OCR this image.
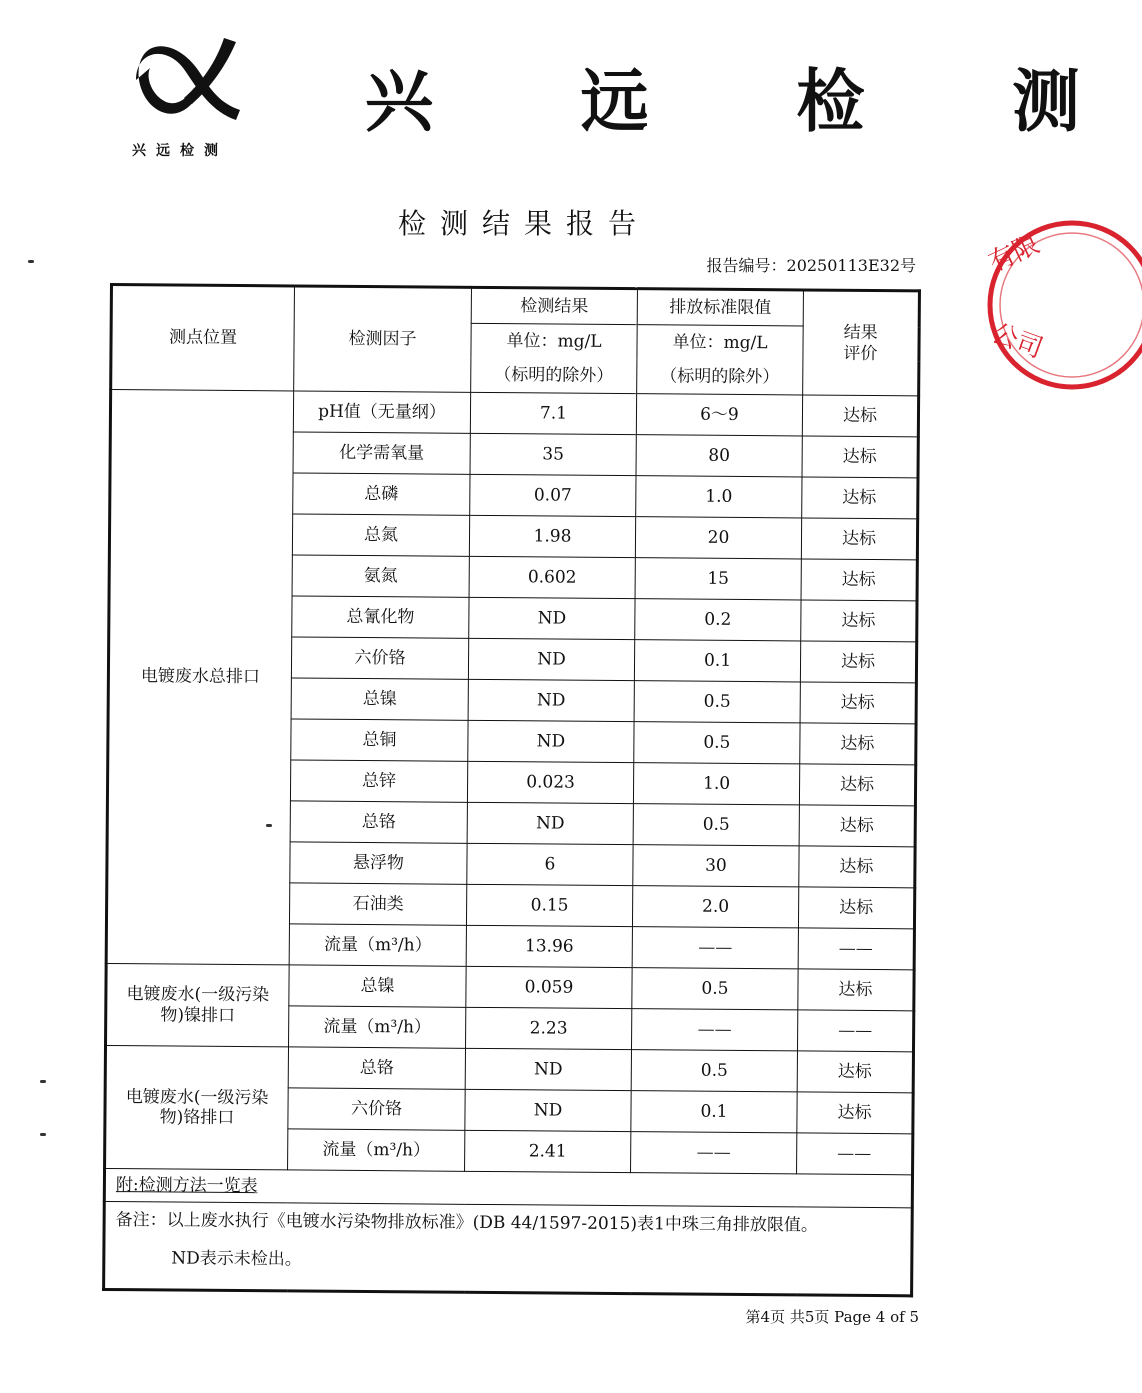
兴远检测
兴 远 检 测
检测结果报告
报告编号：20250113E32号	有限
公司
测点位置	检测因子	检测结果	排放标准限值	结果评价
		单位：mg/L	单位：mg/L	
		（标明的除外）	（标明的除外）	
电镀废水总排口	pH值（无量纲）	7.1	6～9	达标
	化学需氧量	35	80	达标
	总磷	0.07	1.0	达标
	总氮	1.98	20	达标
	氨氮	0.602	15	达标
	总氰化物	ND	0.2	达标
	六价铬	ND	0.1	达标
	总镍	ND	0.5	达标
	总铜	ND	0.5	达标
	总锌	0.023	1.0	达标
	总铬	ND	0.5	达标
	悬浮物	6	30	达标
	石油类	0.15	2.0	达标
	流量（m³/h）	13.96	——	——
电镀废水(一级污染物)镍排口	总镍	0.059	0.5	达标
	流量（m³/h）	2.23	——	——
电镀废水(一级污染物)铬排口	总铬	ND	0.5	达标
	六价铬	ND	0.1	达标
	流量（m³/h）	2.41	——	——
附:检测方法一览表				

备注：以上废水执行《电镀水污染物排放标准》(DB 44/1597-2015)表1中珠三角排放限值。
ND表示未检出。				
第4页 共5页 Page 4 of 5
